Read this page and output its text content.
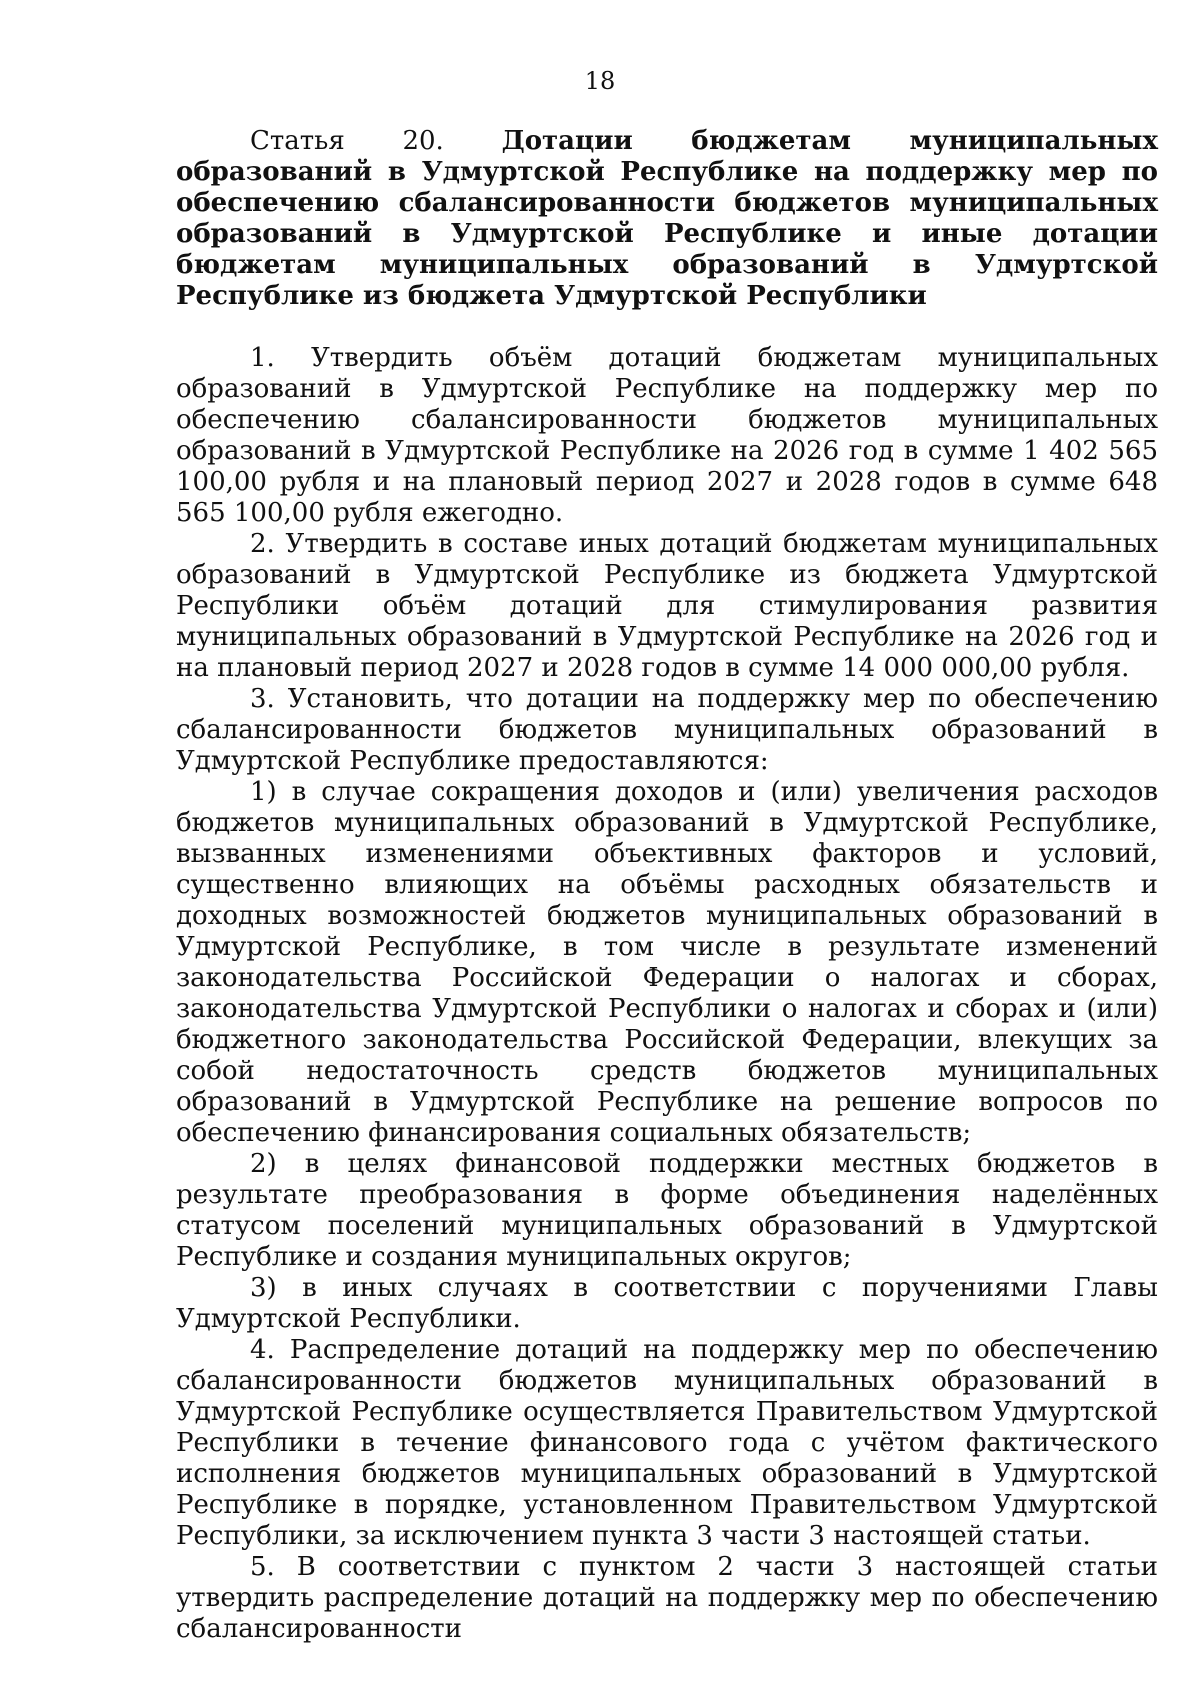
18
Статья 20. Дотации бюджетам муниципальных образований в Удмуртской Республике на поддержку мер по обеспечению сбалансированности бюджетов муниципальных образований в Удмуртской Республике и иные дотации бюджетам муниципальных образований в Удмуртской Республике из бюджета Удмуртской Республики

1. Утвердить объём дотаций бюджетам муниципальных образований в Удмуртской Республике на поддержку мер по обеспечению сбалансированности бюджетов муниципальных образований в Удмуртской Республике на 2026 год в сумме 1 402 565 100,00 рубля и на плановый период 2027 и 2028 годов в сумме 648 565 100,00 рубля ежегодно.

2. Утвердить в составе иных дотаций бюджетам муниципальных образований в Удмуртской Республике из бюджета Удмуртской Республики объём дотаций для стимулирования развития муниципальных образований в Удмуртской Республике на 2026 год и на плановый период 2027 и 2028 годов в сумме 14 000 000,00 рубля.

3. Установить, что дотации на поддержку мер по обеспечению сбалансированности бюджетов муниципальных образований в Удмуртской Республике предоставляются:

1) в случае сокращения доходов и (или) увеличения расходов бюджетов муниципальных образований в Удмуртской Республике, вызванных изменениями объективных факторов и условий, существенно влияющих на объёмы расходных обязательств и доходных возможностей бюджетов муниципальных образований в Удмуртской Республике, в том числе в результате изменений законодательства Российской Федерации о налогах и сборах, законодательства Удмуртской Республики о налогах и сборах и (или) бюджетного законодательства Российской Федерации, влекущих за собой недостаточность средств бюджетов муниципальных образований в Удмуртской Республике на решение вопросов по обеспечению финансирования социальных обязательств;

2) в целях финансовой поддержки местных бюджетов в результате преобразования в форме объединения наделённых статусом поселений муниципальных образований в Удмуртской Республике и создания муниципальных округов;

3) в иных случаях в соответствии с поручениями Главы Удмуртской Республики.

4. Распределение дотаций на поддержку мер по обеспечению сбалансированности бюджетов муниципальных образований в Удмуртской Республике осуществляется Правительством Удмуртской Республики в течение финансового года с учётом фактического исполнения бюджетов муниципальных образований в Удмуртской Республике в порядке, установленном Правительством Удмуртской Республики, за исключением пункта 3 части 3 настоящей статьи.

5. В соответствии с пунктом 2 части 3 настоящей статьи утвердить распределение дотаций на поддержку мер по обеспечению сбалансированности
